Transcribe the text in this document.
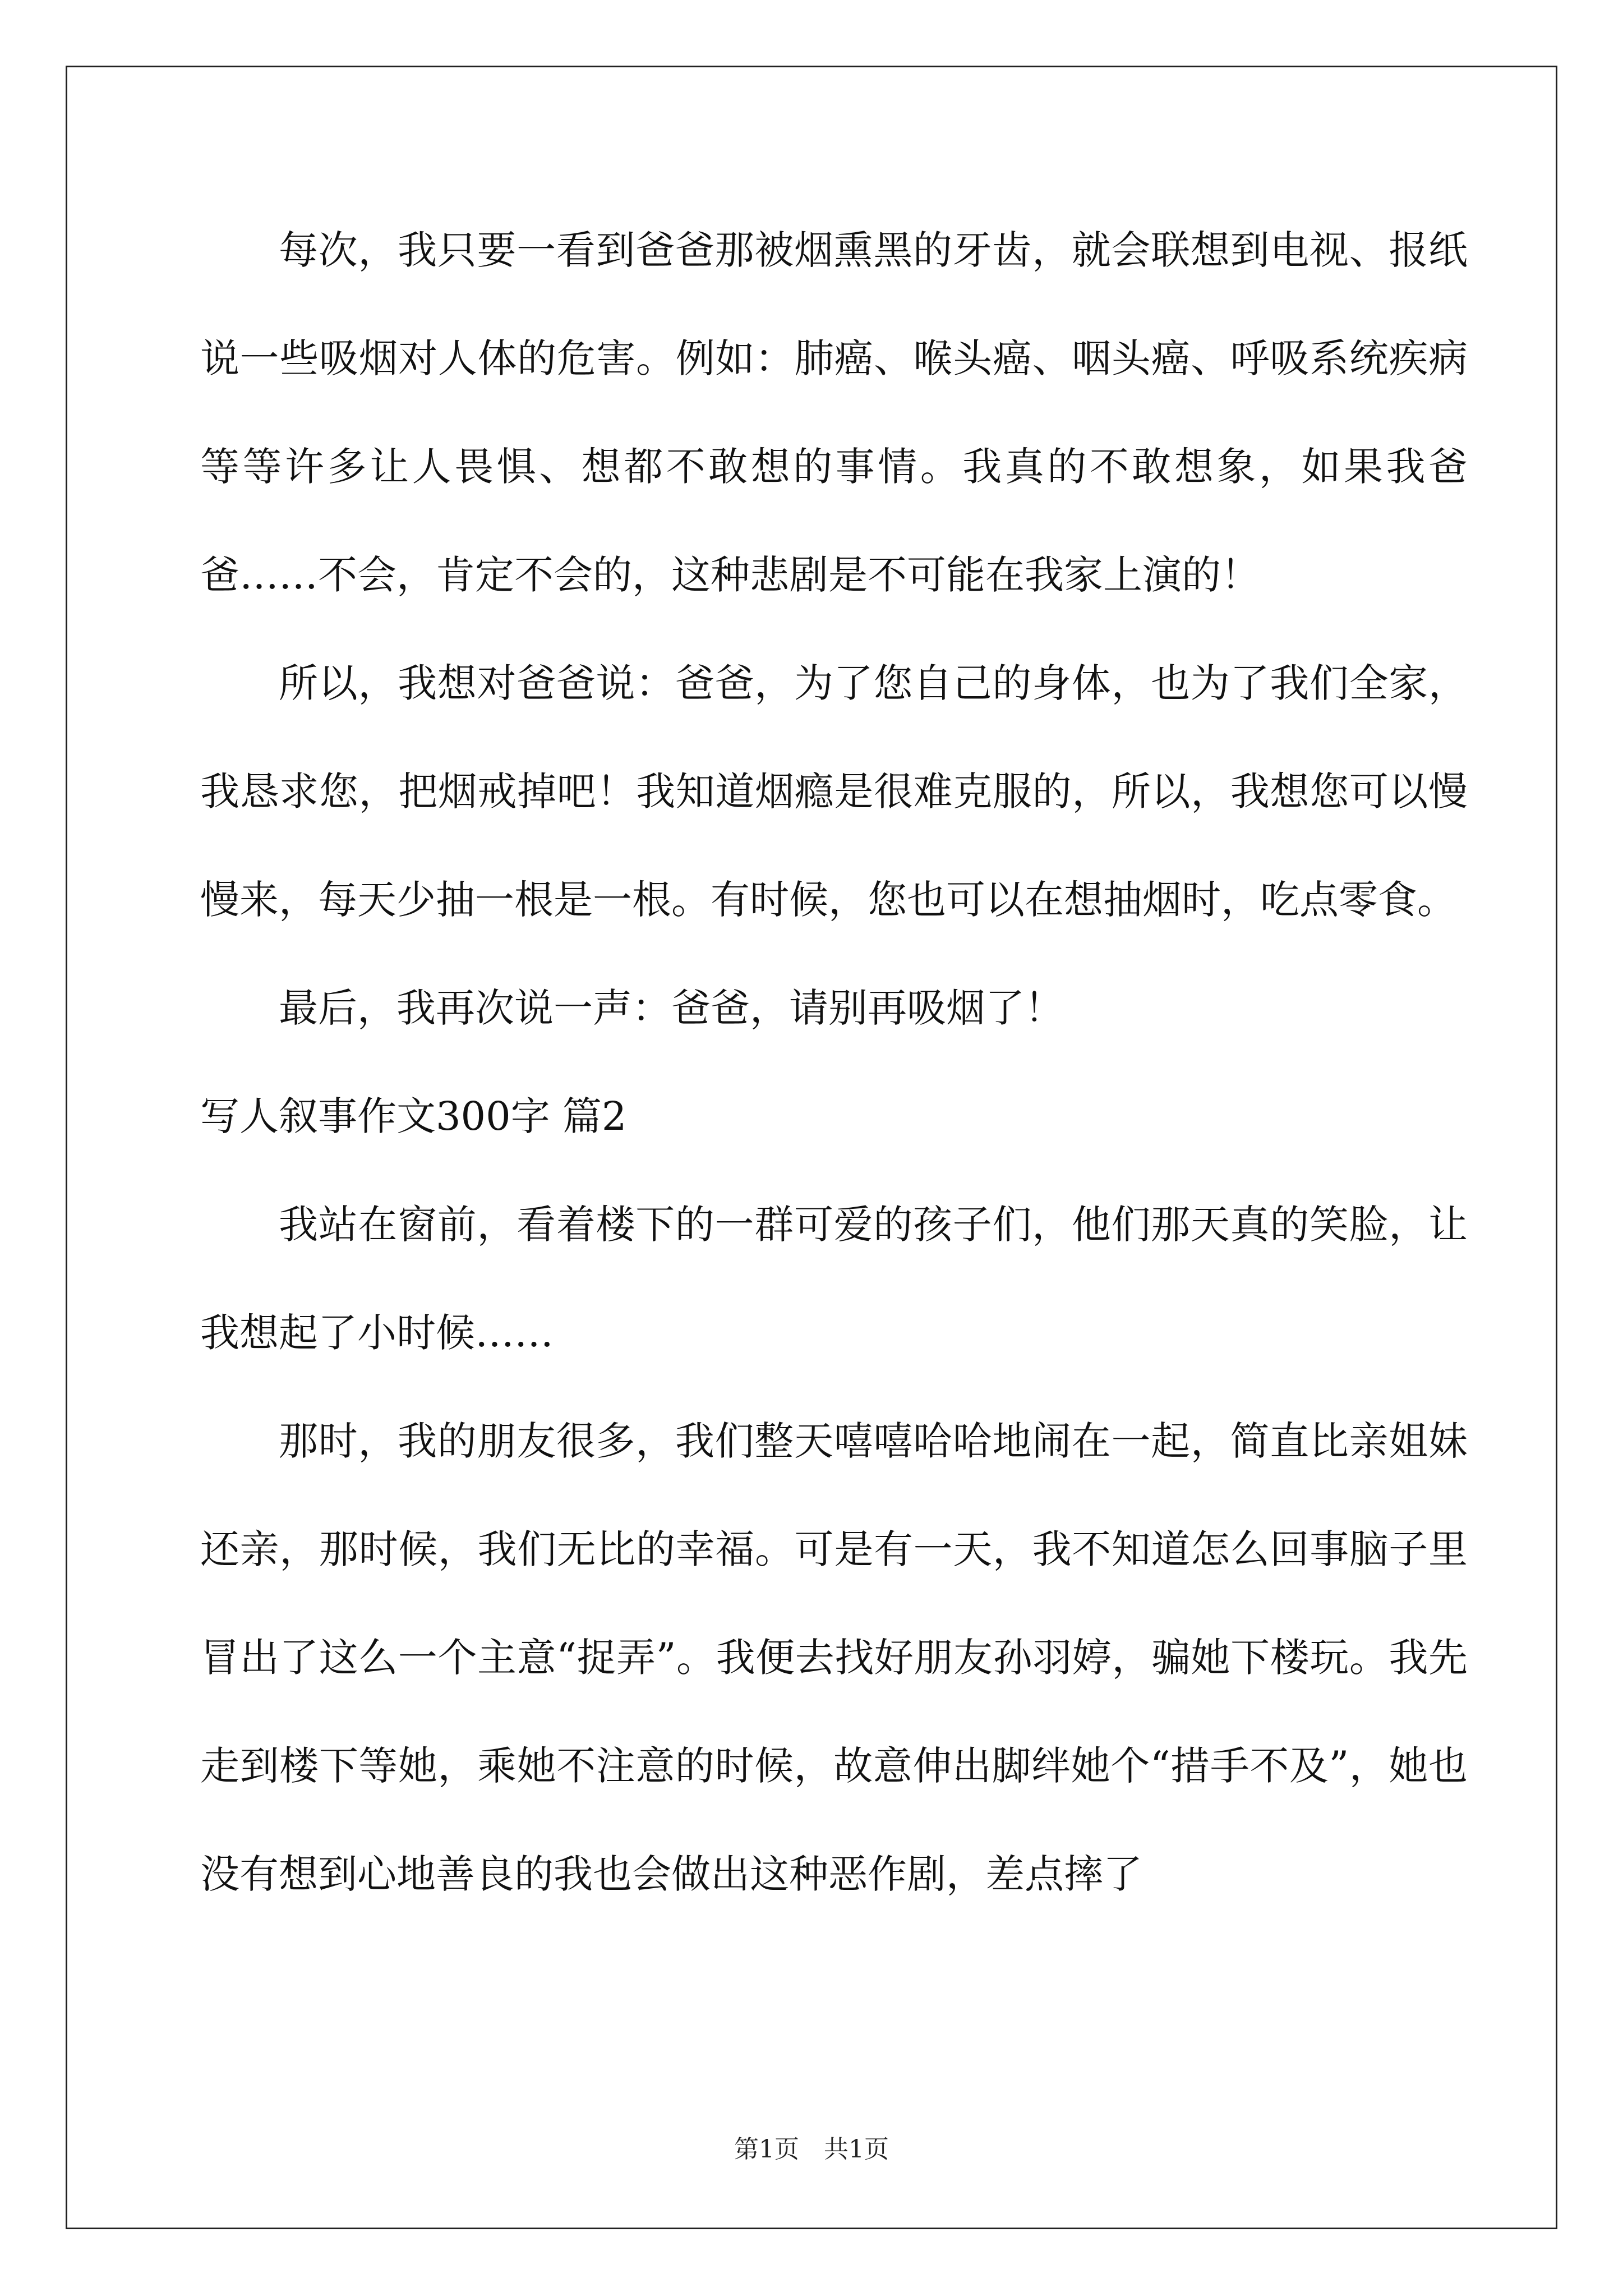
每次，我只要一看到爸爸那被烟熏黑的牙齿，就会联想到电视、报纸说一些吸烟对人体的危害。例如：肺癌、喉头癌、咽头癌、呼吸系统疾病等等许多让人畏惧、想都不敢想的事情。我真的不敢想象，如果我爸爸……不会，肯定不会的，这种悲剧是不可能在我家上演的！

所以，我想对爸爸说：爸爸，为了您自己的身体，也为了我们全家，我恳求您，把烟戒掉吧！我知道烟瘾是很难克服的，所以，我想您可以慢慢来，每天少抽一根是一根。有时候，您也可以在想抽烟时，吃点零食。

最后，我再次说一声：爸爸，请别再吸烟了！

写人叙事作文300字 篇2

我站在窗前，看着楼下的一群可爱的孩子们，他们那天真的笑脸，让我想起了小时候……

那时，我的朋友很多，我们整天嘻嘻哈哈地闹在一起，简直比亲姐妹还亲，那时候，我们无比的幸福。可是有一天，我不知道怎么回事脑子里冒出了这么一个主意“捉弄”。我便去找好朋友孙羽婷，骗她下楼玩。我先走到楼下等她，乘她不注意的时候，故意伸出脚绊她个“措手不及”，她也没有想到心地善良的我也会做出这种恶作剧，差点摔了

第1页 共1页
